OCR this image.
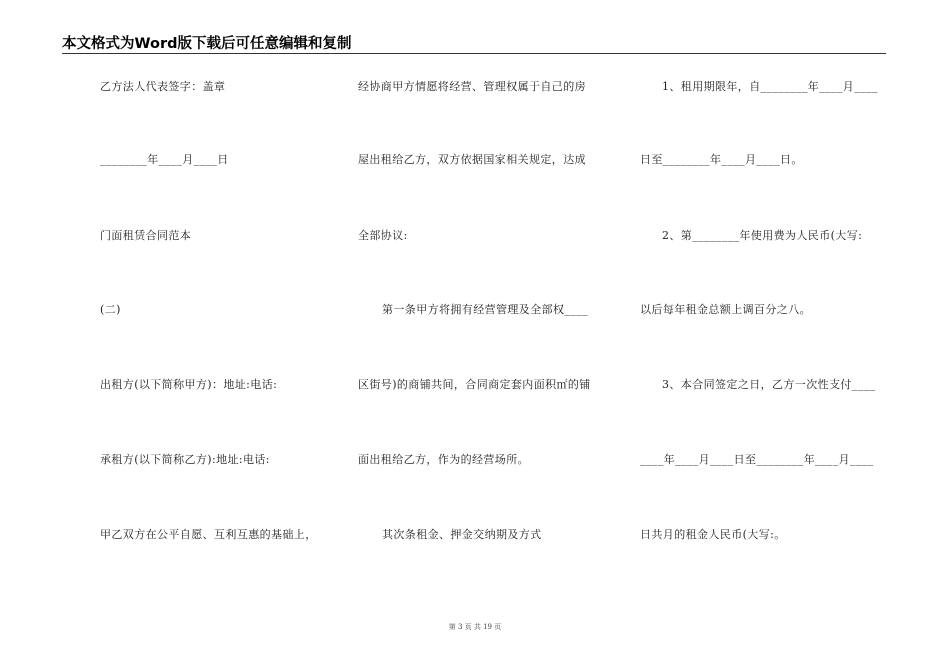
本文格式为Word版下载后可任意编辑和复制
乙方法人代表签字：盖章
________年____月____日
门面租赁合同范本
(二)
出租方(以下简称甲方)：地址:电话:
承租方(以下简称乙方):地址:电话:
甲乙双方在公平自愿、互利互惠的基础上，
经协商甲方情愿将经营、管理权属于自己的房
屋出租给乙方，双方依据国家相关规定，达成
全部协议:
第一条甲方将拥有经营管理及全部权____
区街号)的商铺共间，合同商定套内面积㎡的铺
面出租给乙方，作为的经营场所。
其次条租金、押金交纳期及方式
1、租用期限年，自________年____月____
日至________年____月____日。
2、第________年使用费为人民币(大写:
以后每年租金总额上调百分之八。
3、本合同签定之日，乙方一次性支付____
____年____月____日至________年____月____
日共月的租金人民币(大写:。
第 3 页 共 19 页
